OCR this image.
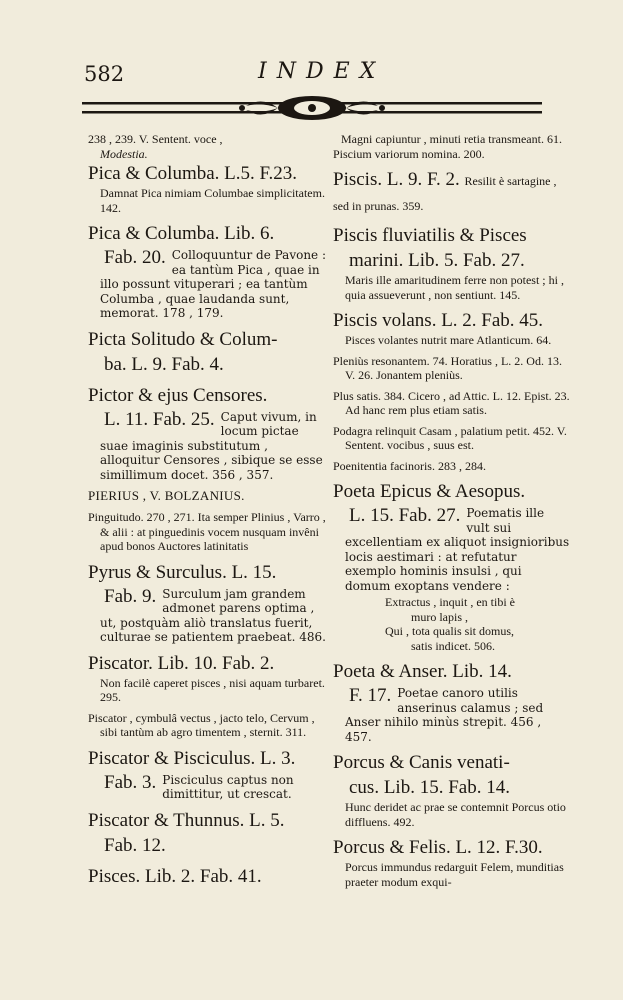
582	INDEX

238 , 239. V. Sentent. voce ,
Modestia.

Pica & Columba. L.5. F.23.

Damnat Pica nimiam Columbae simplicitatem. 142.

Pica & Columba. Lib. 6.

Fab. 20. Colloquuntur de Pavone : ea tantùm Pica , quae in illo possunt vituperari ; ea tantùm Columba , quae laudanda sunt, memorat. 178 , 179.

Picta Solitudo & Colum-

ba. L. 9. Fab. 4.

Pictor & ejus Censores.

L. 11. Fab. 25. Caput vivum, in locum pictae suae imaginis substitutum , alloquitur Censores , sibique se esse simillimum docet. 356 , 357.

PIERIUS , V. BOLZANIUS.

Pinguitudo. 270 , 271. Ita semper Plinius , Varro , & alii : at pinguedinis vocem nusquam invêni apud bonos Auctores latinitatis

Pyrus & Surculus. L. 15.

Fab. 9. Surculum jam grandem admonet parens optima , ut, postquàm aliò translatus fuerit, culturae se patientem praebeat. 486.

Piscator. Lib. 10. Fab. 2.

Non facilè caperet pisces , nisi aquam turbaret. 295.

Piscator , cymbulâ vectus , jacto telo, Cervum , sibi tantùm ab agro timentem , sternit. 311.

Piscator & Pisciculus. L. 3.

Fab. 3. Pisciculus captus non dimittitur, ut crescat.

Piscator & Thunnus. L. 5.

Fab. 12.

Pisces. Lib. 2. Fab. 41.

Magni capiuntur , minuti retia transmeant. 61.

Piscium variorum nomina. 200.

Piscis. L. 9. F. 2. Resilit è sartagine , sed in prunas. 359.

Piscis fluviatilis & Pisces

marini. Lib. 5. Fab. 27.

Maris ille amaritudinem ferre non potest ; hi , quia assueverunt , non sentiunt. 145.

Piscis volans. L. 2. Fab. 45.

Pisces volantes nutrit mare Atlanticum. 64.

Pleniùs resonantem. 74. Horatius , L. 2. Od. 13. V. 26. Jonantem pleniùs.

Plus satis. 384. Cicero , ad Attic. L. 12. Epist. 23. Ad hanc rem plus etiam satis.

Podagra relinquit Casam , palatium petit. 452. V. Sentent. vocibus , suus est.

Poenitentia facinoris. 283 , 284.

Poeta Epicus & Aesopus.

L. 15. Fab. 27. Poematis ille vult sui excellentiam ex aliquot insignioribus locis aestimari : at refutatur exemplo hominis insulsi , qui domum exoptans vendere :

Extractus , inquit , en tibi è
muro lapis ,
Qui , tota qualis sit domus,
satis indicet. 506.

Poeta & Anser. Lib. 14.

F. 17. Poetae canoro utilis anserinus calamus ; sed Anser nihilo minùs strepit. 456 , 457.

Porcus & Canis venati-

cus. Lib. 15. Fab. 14.

Hunc deridet ac prae se contemnit Porcus otio diffluens. 492.

Porcus & Felis. L. 12. F.30.

Porcus immundus redarguit Felem, munditias praeter modum exqui-
